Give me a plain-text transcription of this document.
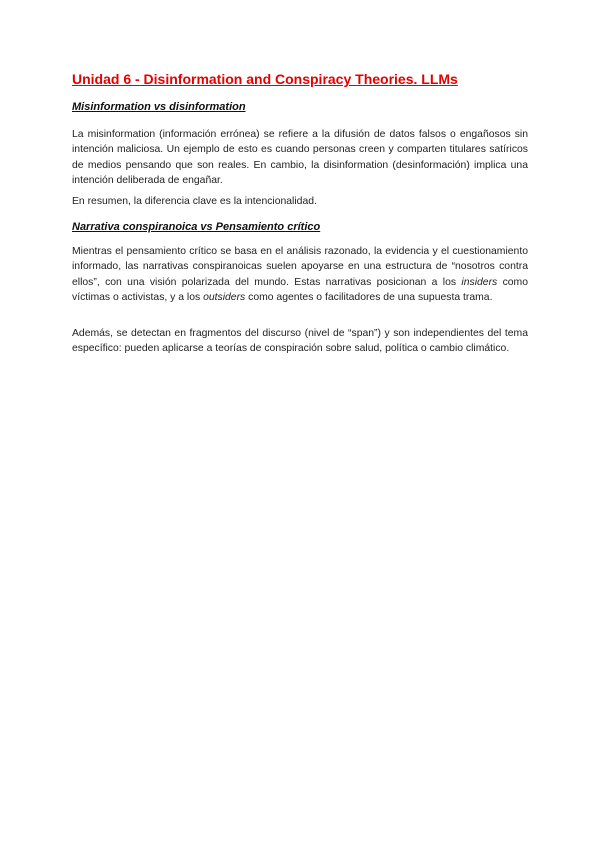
Unidad 6 - Disinformation and Conspiracy Theories. LLMs
Misinformation vs disinformation

La misinformation (información errónea) se refiere a la difusión de datos falsos o engañosos sin intención maliciosa. Un ejemplo de esto es cuando personas creen y comparten titulares satíricos de medios pensando que son reales. En cambio, la disinformation (desinformación) implica una intención deliberada de engañar.

En resumen, la diferencia clave es la intencionalidad.

Narrativa conspiranoica vs Pensamiento crítico

Mientras el pensamiento crítico se basa en el análisis razonado, la evidencia y el cuestionamiento informado, las narrativas conspiranoicas suelen apoyarse en una estructura de “nosotros contra ellos”, con una visión polarizada del mundo. Estas narrativas posicionan a los insiders como víctimas o activistas, y a los outsiders como agentes o facilitadores de una supuesta trama.

Además, se detectan en fragmentos del discurso (nivel de “span”) y son independientes del tema específico: pueden aplicarse a teorías de conspiración sobre salud, política o cambio climático.
